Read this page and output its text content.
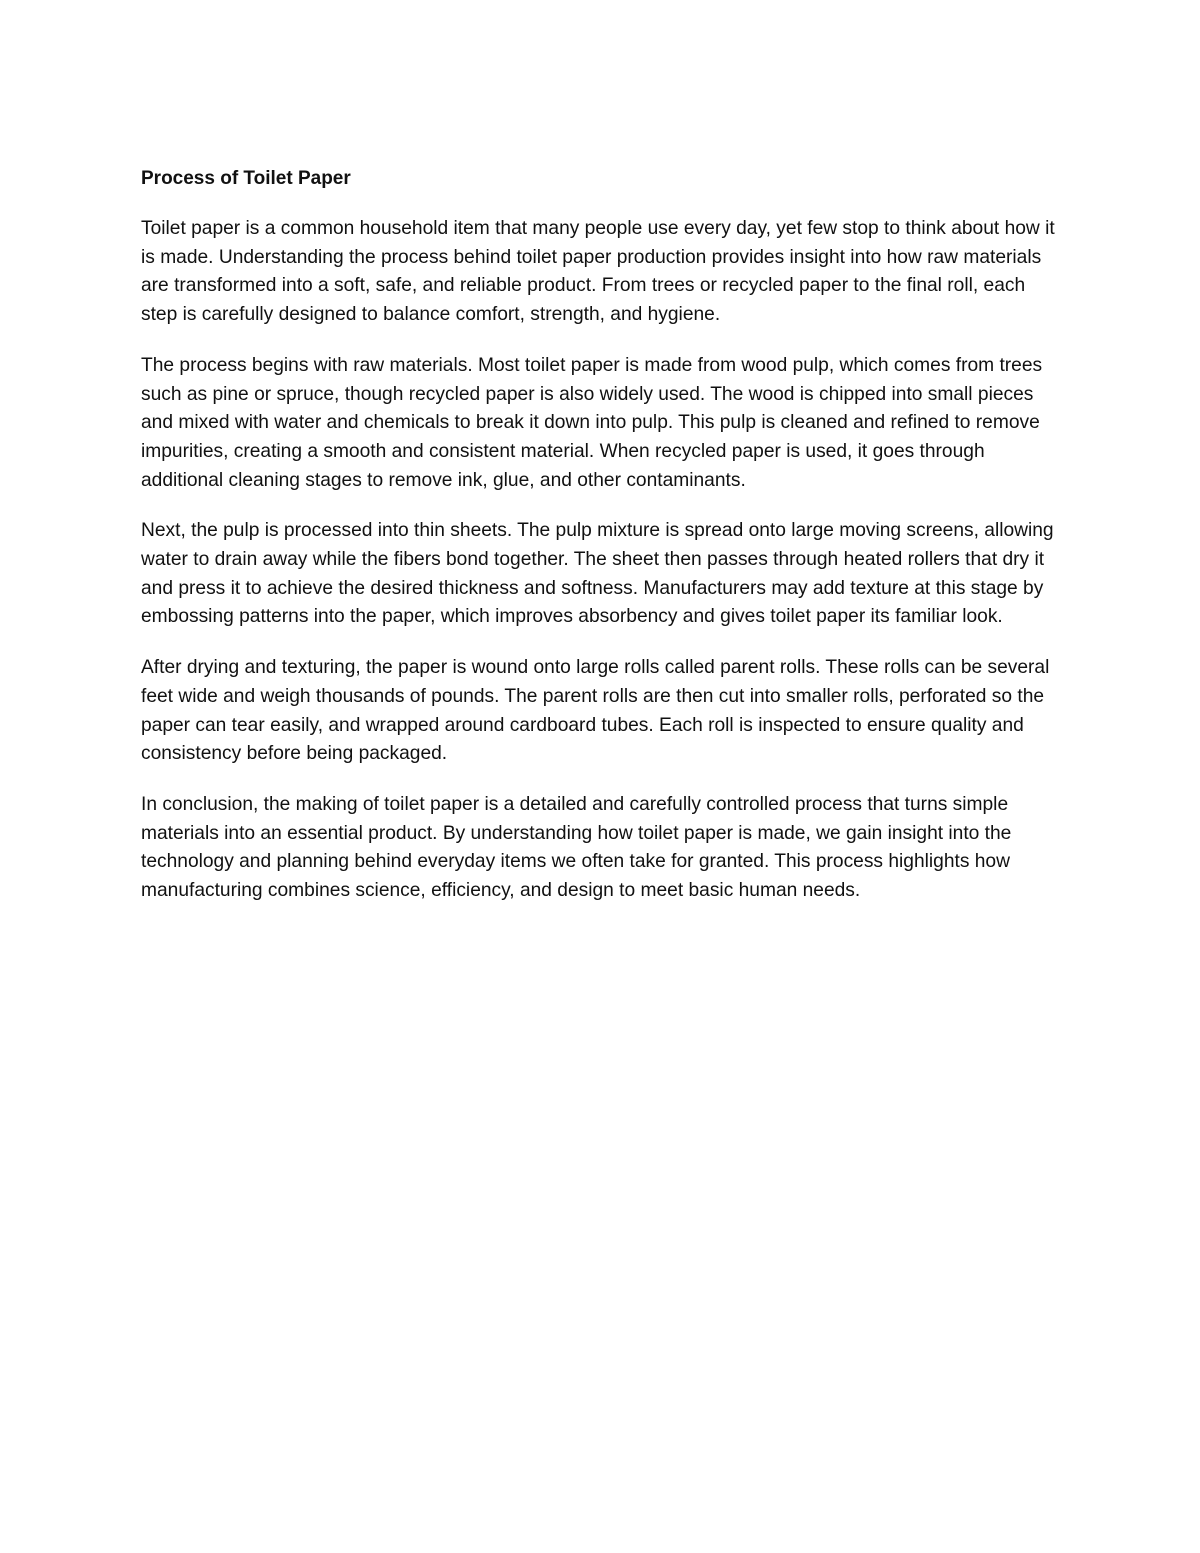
Process of Toilet Paper

Toilet paper is a common household item that many people use every day, yet few stop to think about how it is made. Understanding the process behind toilet paper production provides insight into how raw materials are transformed into a soft, safe, and reliable product. From trees or recycled paper to the final roll, each step is carefully designed to balance comfort, strength, and hygiene.

The process begins with raw materials. Most toilet paper is made from wood pulp, which comes from trees such as pine or spruce, though recycled paper is also widely used. The wood is chipped into small pieces and mixed with water and chemicals to break it down into pulp. This pulp is cleaned and refined to remove impurities, creating a smooth and consistent material. When recycled paper is used, it goes through additional cleaning stages to remove ink, glue, and other contaminants.

Next, the pulp is processed into thin sheets. The pulp mixture is spread onto large moving screens, allowing water to drain away while the fibers bond together. The sheet then passes through heated rollers that dry it and press it to achieve the desired thickness and softness. Manufacturers may add texture at this stage by embossing patterns into the paper, which improves absorbency and gives toilet paper its familiar look.

After drying and texturing, the paper is wound onto large rolls called parent rolls. These rolls can be several feet wide and weigh thousands of pounds. The parent rolls are then cut into smaller rolls, perforated so the paper can tear easily, and wrapped around cardboard tubes. Each roll is inspected to ensure quality and consistency before being packaged.

In conclusion, the making of toilet paper is a detailed and carefully controlled process that turns simple materials into an essential product. By understanding how toilet paper is made, we gain insight into the technology and planning behind everyday items we often take for granted. This process highlights how manufacturing combines science, efficiency, and design to meet basic human needs.
